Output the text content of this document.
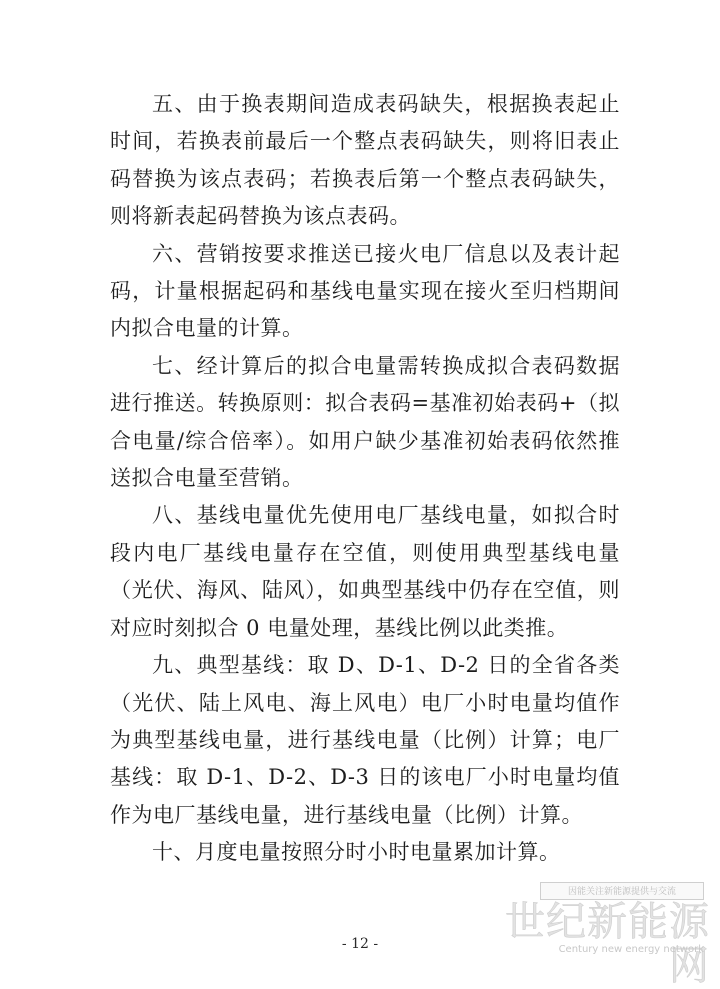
五、由于换表期间造成表码缺失，根据换表起止时间，若换表前最后一个整点表码缺失，则将旧表止码替换为该点表码；若换表后第一个整点表码缺失，则将新表起码替换为该点表码。

六、营销按要求推送已接火电厂信息以及表计起码，计量根据起码和基线电量实现在接火至归档期间内拟合电量的计算。

七、经计算后的拟合电量需转换成拟合表码数据进行推送。转换原则：拟合表码=基准初始表码+（拟合电量/综合倍率）。如用户缺少基准初始表码依然推送拟合电量至营销。

八、基线电量优先使用电厂基线电量，如拟合时段内电厂基线电量存在空值，则使用典型基线电量（光伏、海风、陆风），如典型基线中仍存在空值，则对应时刻拟合 0 电量处理，基线比例以此类推。

九、典型基线：取 D、D-1、D-2 日的全省各类（光伏、陆上风电、海上风电）电厂小时电量均值作为典型基线电量，进行基线电量（比例）计算；电厂基线：取 D-1、D-2、D-3 日的该电厂小时电量均值作为电厂基线电量，进行基线电量（比例）计算。

十、月度电量按照分时小时电量累加计算。

- 12 -
因能关注新能源提供与交流
世纪新能源网
Century new energy network
